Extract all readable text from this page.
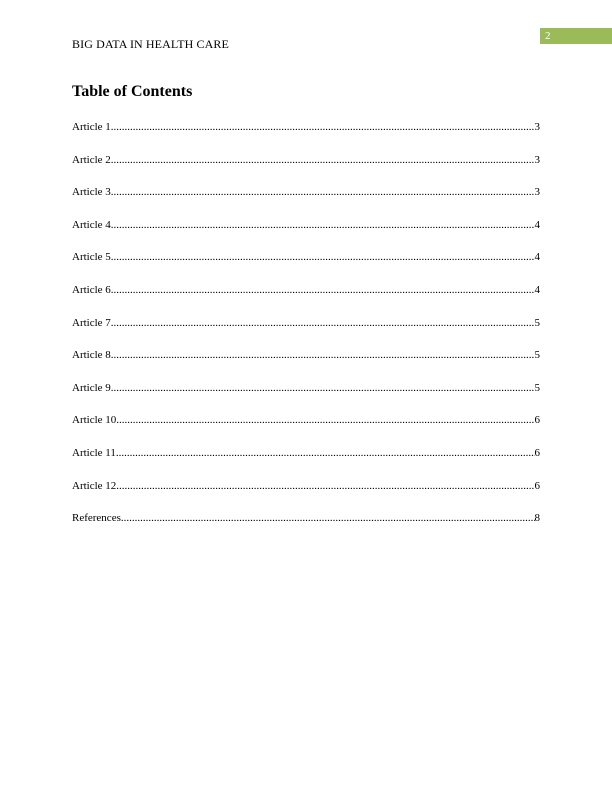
BIG DATA IN HEALTH CARE
2
Table of Contents
Article 1 .....	3
Article 2 .....	3
Article 3 .....	3
Article 4 .....	4
Article 5 .....	4
Article 6 .....	4
Article 7 .....	5
Article 8 .....	5
Article 9 .....	5
Article 10 .....	6
Article 11 .....	6
Article 12 .....	6
References .....	8
